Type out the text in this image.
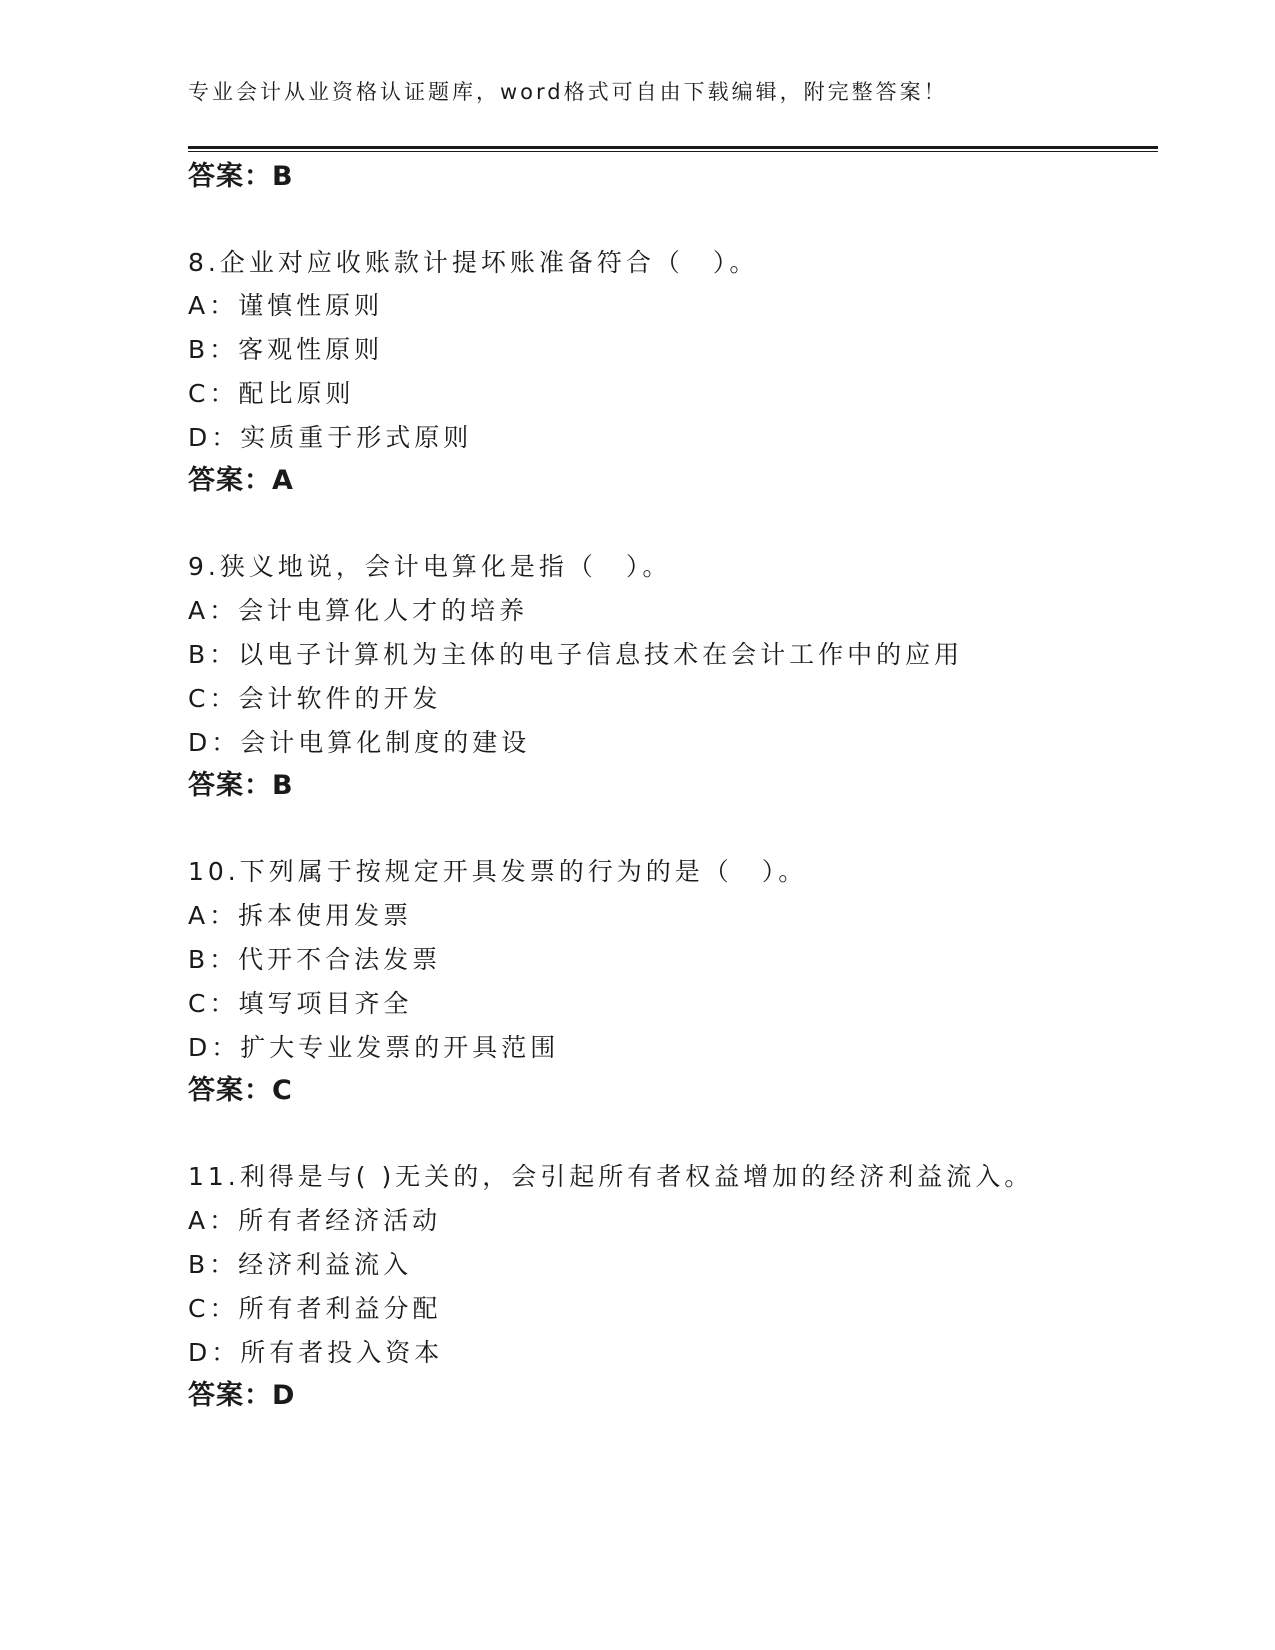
专业会计从业资格认证题库，word格式可自由下载编辑，附完整答案！
答案：B
8.企业对应收账款计提坏账准备符合（　）。
A：谨慎性原则
B：客观性原则
C：配比原则
D：实质重于形式原则
答案：A
9.狭义地说，会计电算化是指（　）。
A：会计电算化人才的培养
B：以电子计算机为主体的电子信息技术在会计工作中的应用
C：会计软件的开发
D：会计电算化制度的建设
答案：B
10.下列属于按规定开具发票的行为的是（　）。
A：拆本使用发票
B：代开不合法发票
C：填写项目齐全
D：扩大专业发票的开具范围
答案：C
11.利得是与( )无关的，会引起所有者权益增加的经济利益流入。
A：所有者经济活动
B：经济利益流入
C：所有者利益分配
D：所有者投入资本
答案：D
